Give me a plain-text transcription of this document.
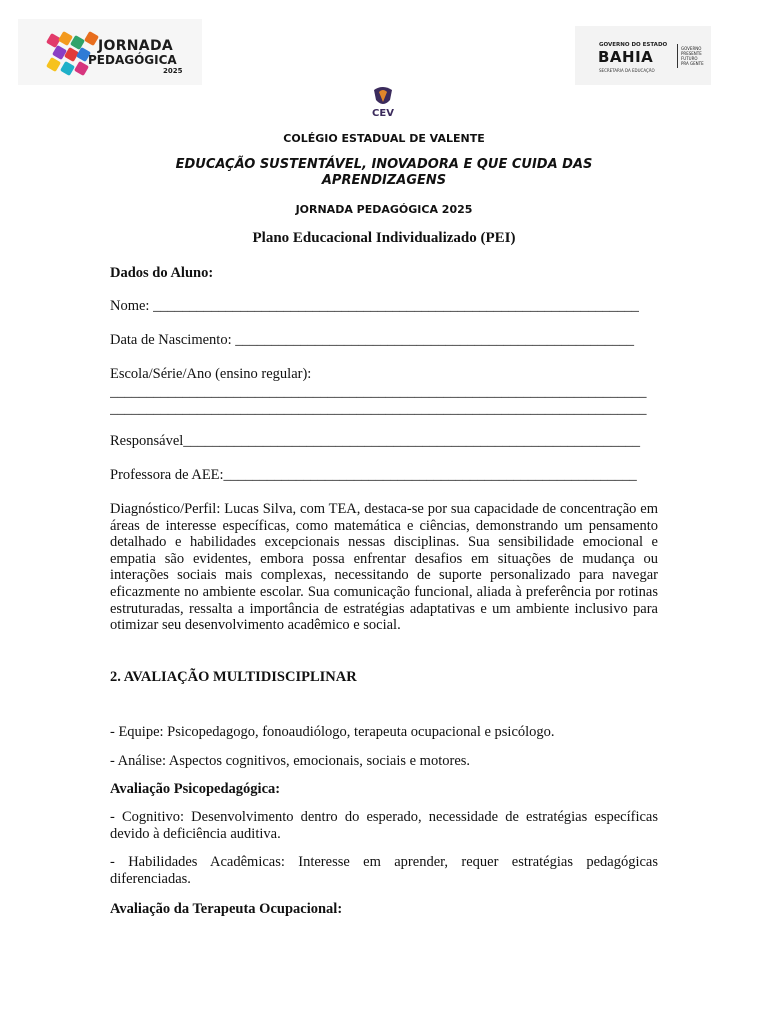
JORNADA
PEDAGÓGICA
2025
GOVERNO DO ESTADO
BAHIA
SECRETARIA DA EDUCAÇÃO
GOVERNO
PRESENTE
FUTURO
PRA GENTE
CEV
COLÉGIO ESTADUAL DE VALENTE
EDUCAÇÃO SUSTENTÁVEL, INOVADORA E QUE CUIDA DAS
APRENDIZAGENS
JORNADA PEDAGÓGICA 2025
Plano Educacional Individualizado (PEI)
Dados do Aluno:
Nome: ___________________________________________________________________
Data de Nascimento: _______________________________________________________
Escola/Série/Ano (ensino regular):
__________________________________________________________________________
__________________________________________________________________________
Responsável_______________________________________________________________
Professora de AEE:_________________________________________________________
Diagnóstico/Perfil: Lucas Silva, com TEA, destaca-se por sua capacidade de concentração em áreas de interesse específicas, como matemática e ciências, demonstrando um pensamento detalhado e habilidades excepcionais nessas disciplinas. Sua sensibilidade emocional e empatia são evidentes, embora possa enfrentar desafios em situações de mudança ou interações sociais mais complexas, necessitando de suporte personalizado para navegar eficazmente no ambiente escolar. Sua comunicação funcional, aliada à preferência por rotinas estruturadas, ressalta a importância de estratégias adaptativas e um ambiente inclusivo para otimizar seu desenvolvimento acadêmico e social.
2. AVALIAÇÃO MULTIDISCIPLINAR
- Equipe: Psicopedagogo, fonoaudiólogo, terapeuta ocupacional e psicólogo.
- Análise: Aspectos cognitivos, emocionais, sociais e motores.
Avaliação Psicopedagógica:
- Cognitivo: Desenvolvimento dentro do esperado, necessidade de estratégias específicas devido à deficiência auditiva.
- Habilidades Acadêmicas: Interesse em aprender, requer estratégias pedagógicas diferenciadas.
Avaliação da Terapeuta Ocupacional:
